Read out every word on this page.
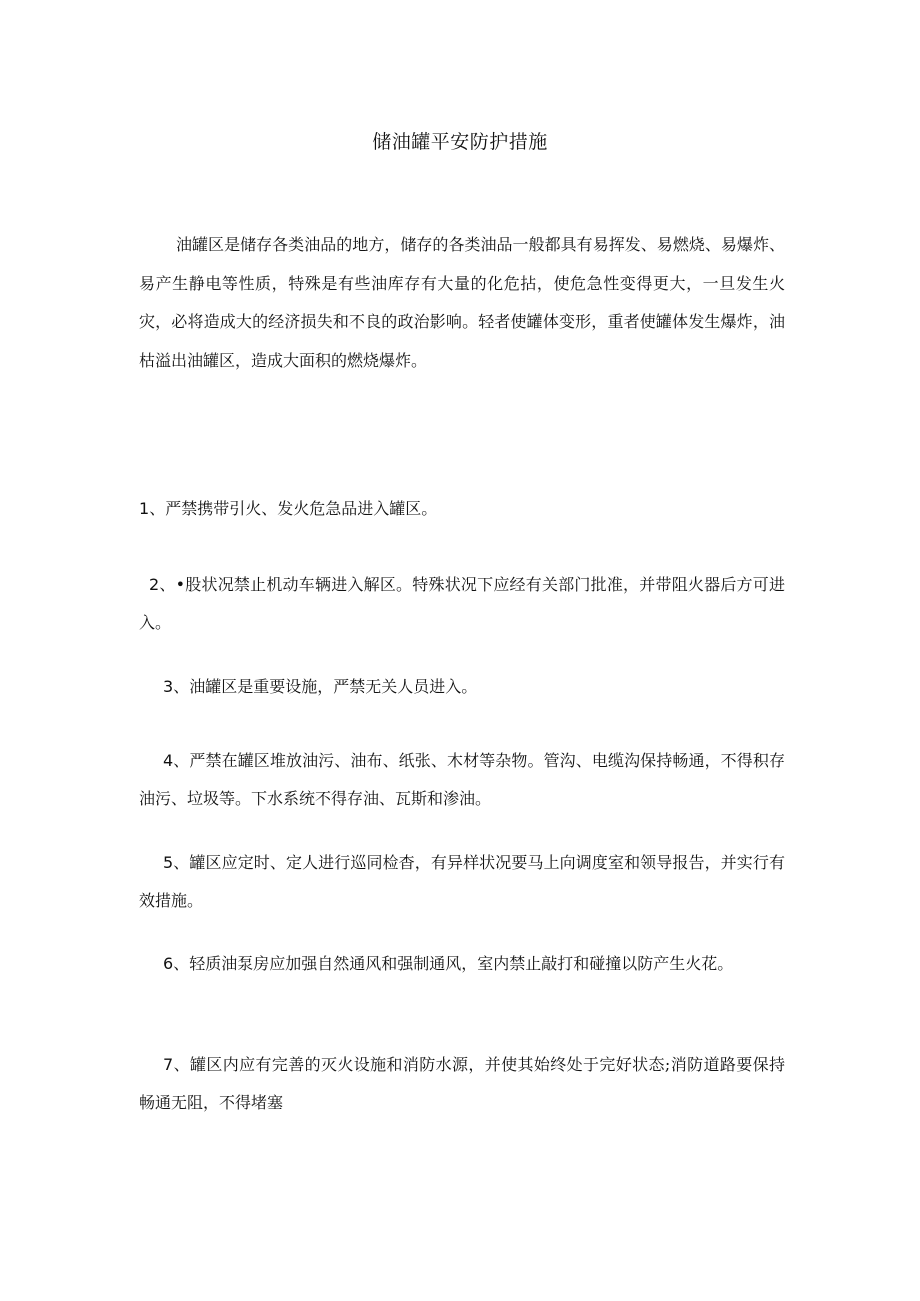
储油罐平安防护措施

油罐区是储存各类油品的地方，储存的各类油品一般都具有易挥发、易燃烧、易爆炸、易产生静电等性质，特殊是有些油库存有大量的化危拈，使危急性变得更大，一旦发生火灾，必将造成大的经济损失和不良的政治影响。轻者使罐体变形，重者使罐体发生爆炸，油枯溢出油罐区，造成大面积的燃烧爆炸。

1、严禁携带引火、发火危急品进入罐区。

2、•股状况禁止机动车辆进入解区。特殊状况下应经有关部门批准，并带阻火器后方可进入。

3、油罐区是重要设施，严禁无关人员进入。

4、严禁在罐区堆放油污、油布、纸张、木材等杂物。管沟、电缆沟保持畅通，不得积存油污、垃圾等。下水系统不得存油、瓦斯和渗油。

5、罐区应定时、定人进行巡同检杳，有异样状况要马上向调度室和领导报告，并实行有效措施。

6、轻质油泵房应加强自然通风和强制通风，室内禁止敲打和碰撞以防产生火花。

7、罐区内应有完善的灭火设施和消防水源，并使其始终处于完好状态;消防道路要保持畅通无阻，不得堵塞
